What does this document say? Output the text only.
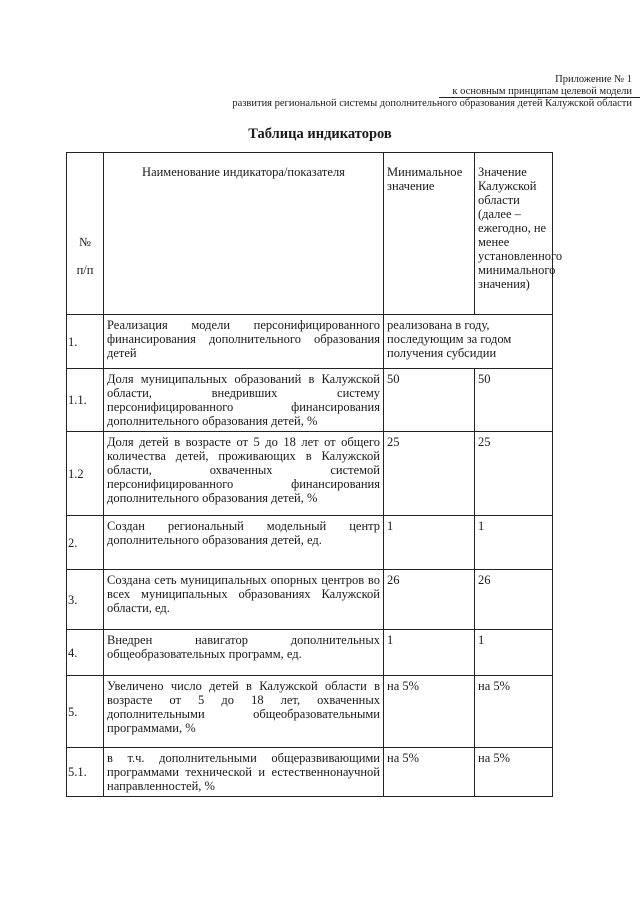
Приложение № 1
к основным принципам целевой модели
развития региональной системы дополнительного образования детей Калужской области
Таблица индикаторов
№
п/п	Наименование индикатора/показателя	Минимальное значение	Значение Калужской области (далее – ежегодно, не менее установленного минимального значения)
1.	Реализация модели персонифицированного финансирования дополнительного образования детей	реализована в году, последующим за годом получения субсидии	
1.1.	Доля муниципальных образований в Калужской области, внедривших систему персонифицированного финансирования дополнительного образования детей, %	50	50
1.2	Доля детей в возрасте от 5 до 18 лет от общего количества детей, проживающих в Калужской области, охваченных системой персонифицированного финансирования дополнительного образования детей, %	25	25
2.	Создан региональный модельный центр дополнительного образования детей, ед.	1	1
3.	Создана сеть муниципальных опорных центров во всех муниципальных образованиях Калужской области, ед.	26	26
4.	Внедрен навигатор дополнительных общеобразовательных программ, ед.	1	1
5.	Увеличено число детей в Калужской области в возрасте от 5 до 18 лет, охваченных дополнительными общеобразовательными программами, %	на 5%	на 5%
5.1.	в т.ч. дополнительными общеразвивающими программами технической и естественнонаучной направленностей, %	на 5%	на 5%
